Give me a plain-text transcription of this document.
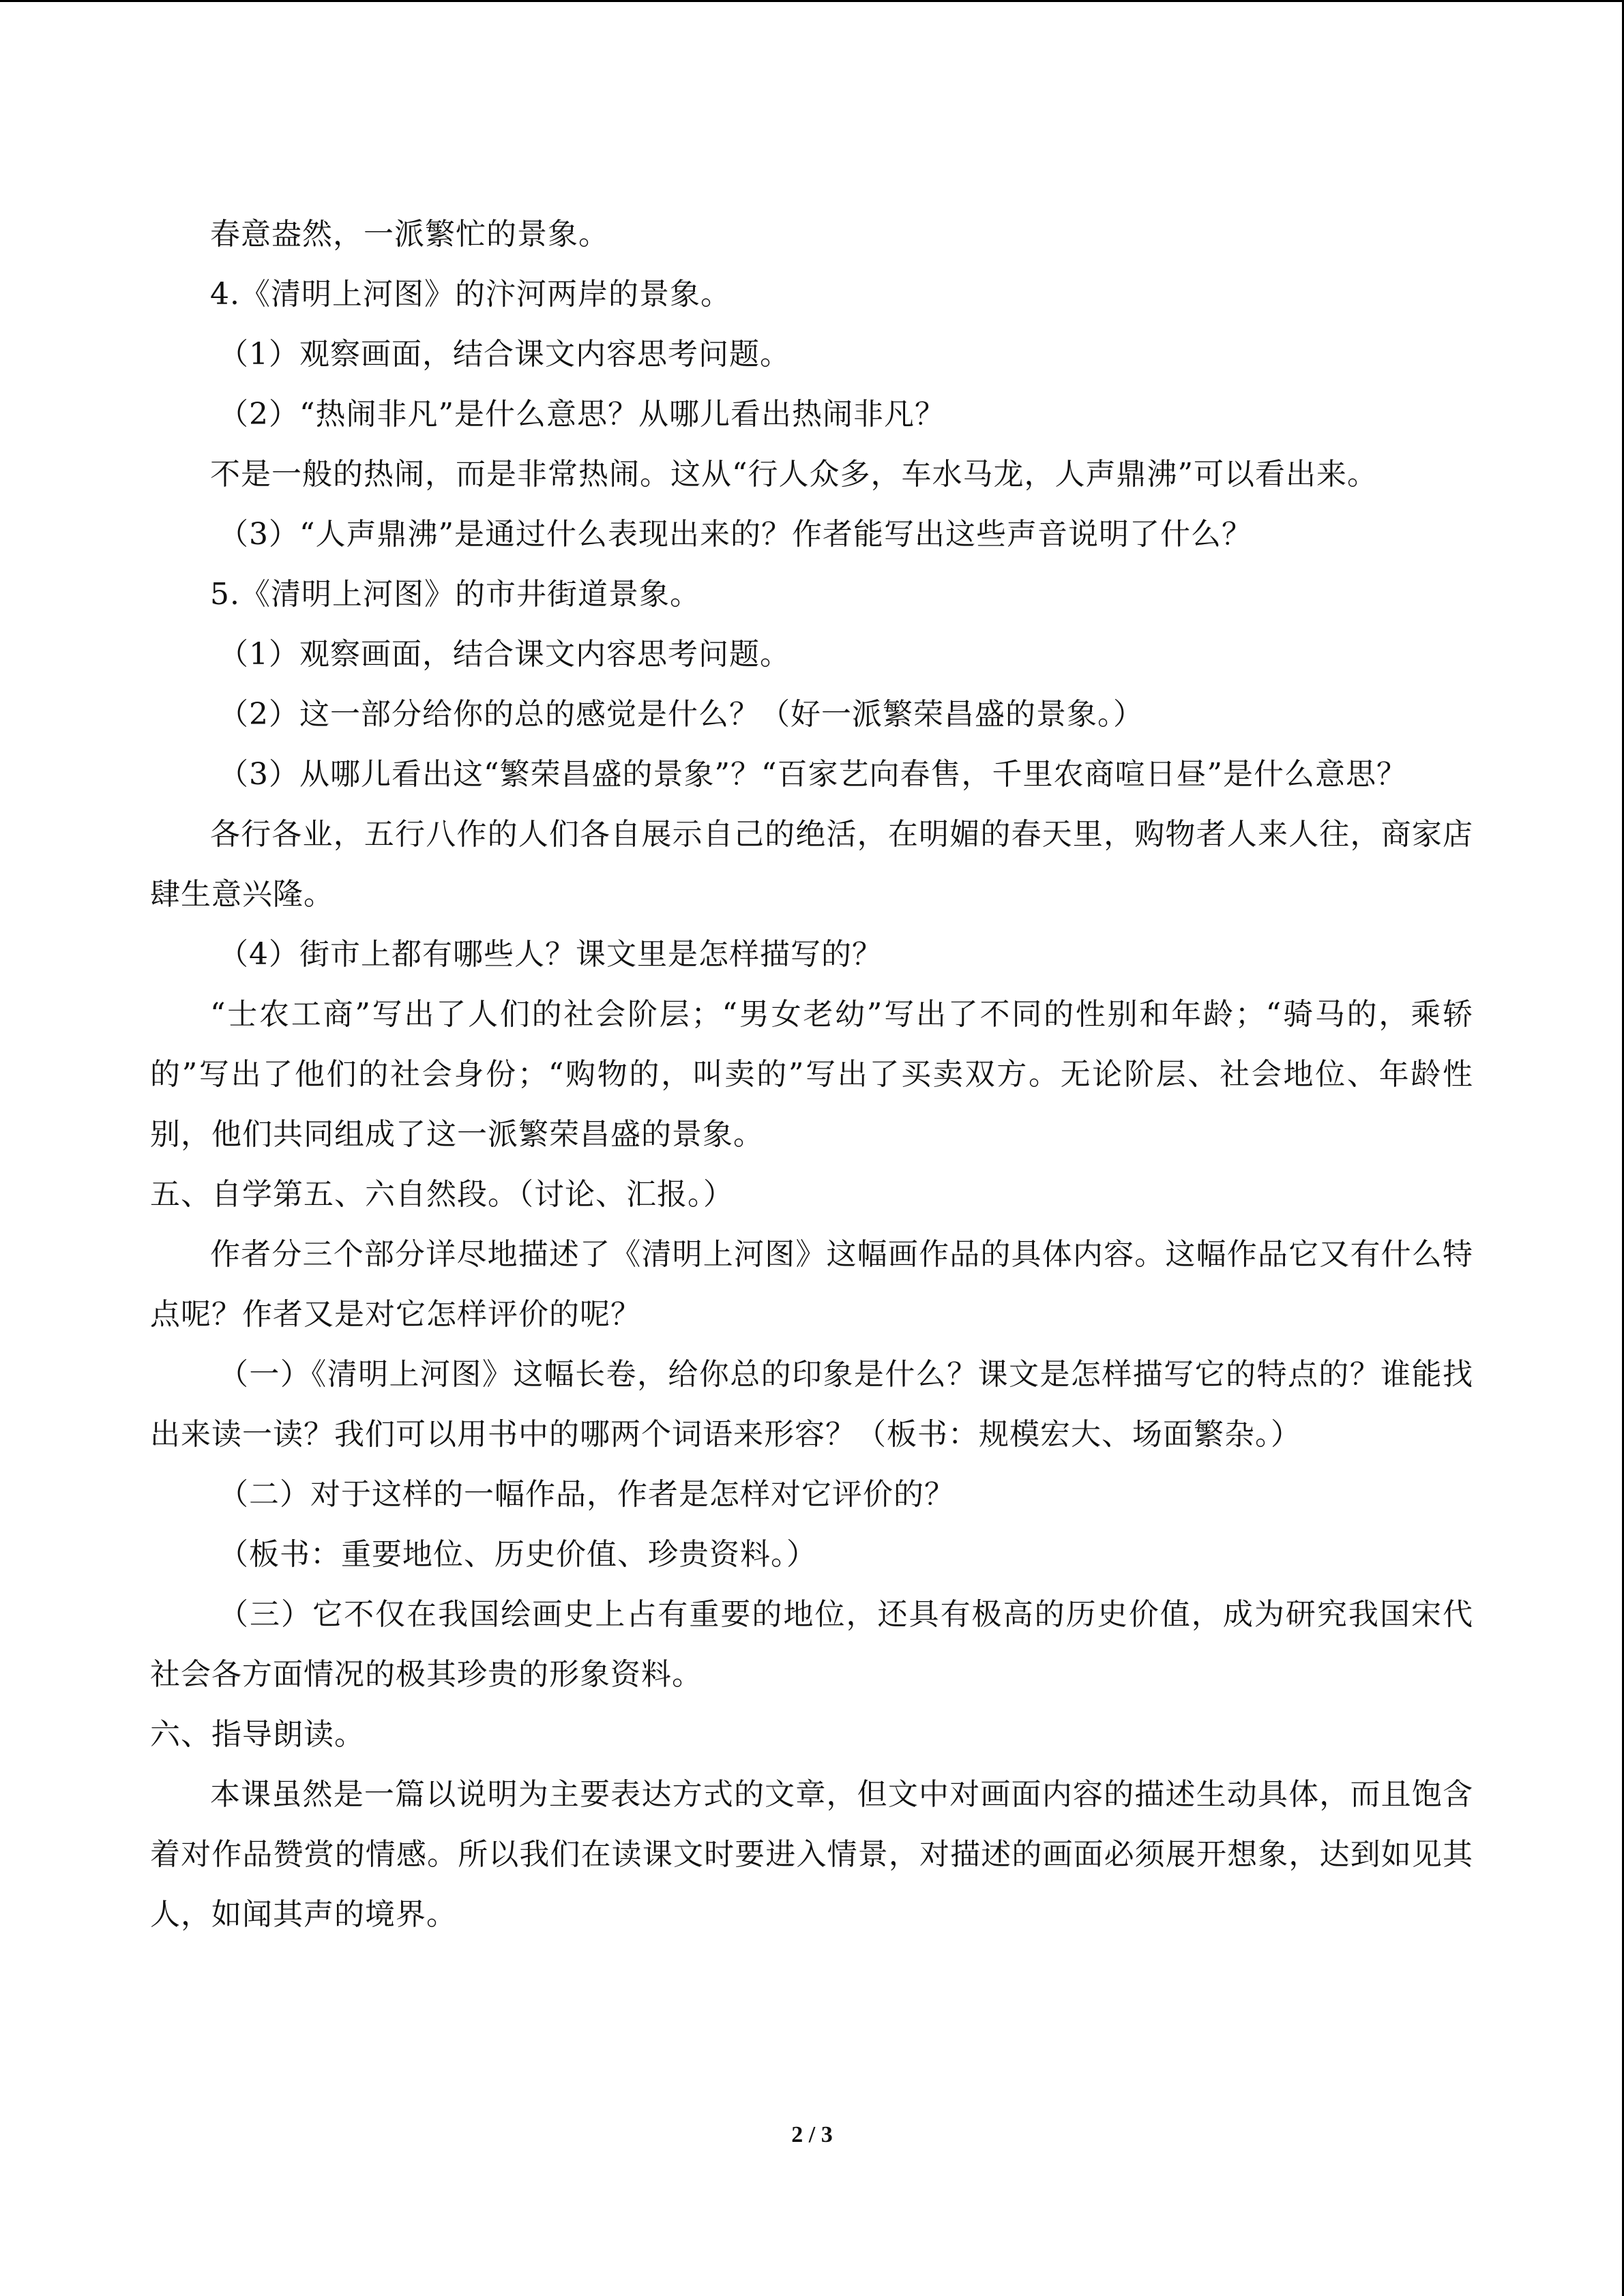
春意盎然，一派繁忙的景象。

4.《清明上河图》的汴河两岸的景象。

（1）观察画面，结合课文内容思考问题。

（2）“热闹非凡”是什么意思？从哪儿看出热闹非凡？

不是一般的热闹，而是非常热闹。这从“行人众多，车水马龙，人声鼎沸”可以看出来。

（3）“人声鼎沸”是通过什么表现出来的？作者能写出这些声音说明了什么？

5.《清明上河图》的市井街道景象。

（1）观察画面，结合课文内容思考问题。

（2）这一部分给你的总的感觉是什么？（好一派繁荣昌盛的景象。）

（3）从哪儿看出这“繁荣昌盛的景象”？“百家艺向春售，千里农商喧日昼”是什么意思？

各行各业，五行八作的人们各自展示自己的绝活，在明媚的春天里，购物者人来人往，商家店肆生意兴隆。

（4）街市上都有哪些人？课文里是怎样描写的？

“士农工商”写出了人们的社会阶层；“男女老幼”写出了不同的性别和年龄；“骑马的，乘轿的”写出了他们的社会身份；“购物的，叫卖的”写出了买卖双方。无论阶层、社会地位、年龄性别，他们共同组成了这一派繁荣昌盛的景象。

五、自学第五、六自然段。（讨论、汇报。）

作者分三个部分详尽地描述了《清明上河图》这幅画作品的具体内容。这幅作品它又有什么特点呢？作者又是对它怎样评价的呢？

（一）《清明上河图》这幅长卷，给你总的印象是什么？课文是怎样描写它的特点的？谁能找出来读一读？我们可以用书中的哪两个词语来形容？（板书：规模宏大、场面繁杂。）

（二）对于这样的一幅作品，作者是怎样对它评价的？

（板书：重要地位、历史价值、珍贵资料。）

（三）它不仅在我国绘画史上占有重要的地位，还具有极高的历史价值，成为研究我国宋代社会各方面情况的极其珍贵的形象资料。

六、指导朗读。

本课虽然是一篇以说明为主要表达方式的文章，但文中对画面内容的描述生动具体，而且饱含着对作品赞赏的情感。所以我们在读课文时要进入情景，对描述的画面必须展开想象，达到如见其人，如闻其声的境界。

2 / 3
